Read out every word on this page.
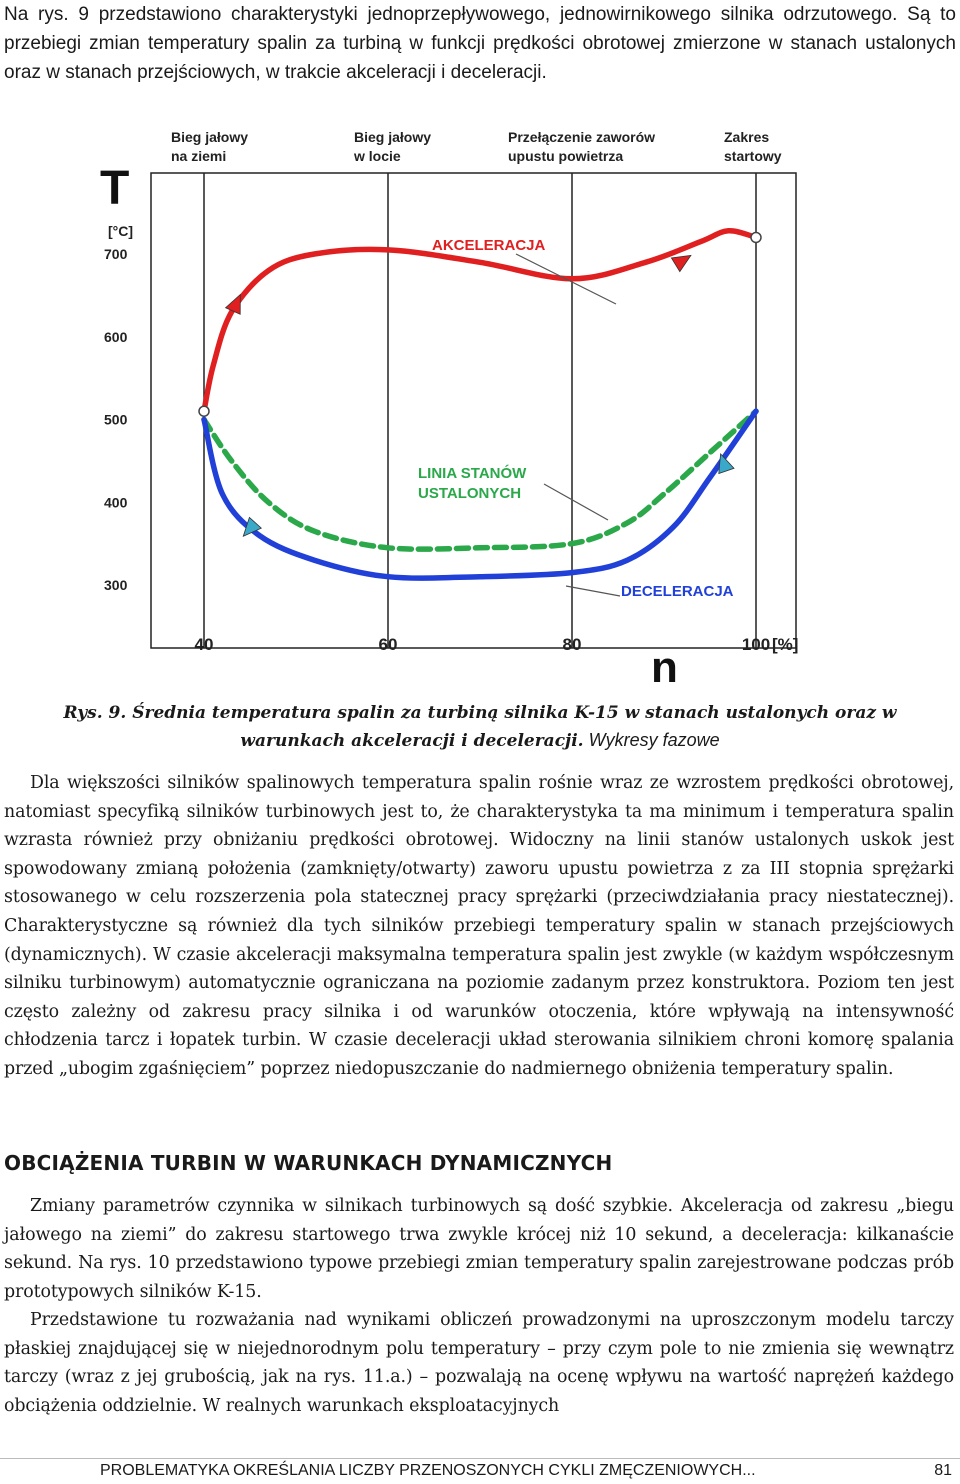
Na rys. 9 przedstawiono charakterystyki jednoprzepływowego, jednowirnikowego silnika odrzutowego. Są to przebiegi zmian temperatury spalin za turbiną w funkcji prędkości obrotowej zmierzone w stanach ustalonych oraz w stanach przejściowych, w trakcie akceleracji i deceleracji.

Bieg jałowy
na ziemi
Bieg jałowy
w locie
Przełączenie zaworów
upustu powietrza
Zakres
startowy
300
400
500
600
700
40	60	80	100
AKCELERACJA
LINIA STANÓW
USTALONYCH
DECELERACJA
T
[°C]
n	[%]

Rys. 9. Średnia temperatura spalin za turbiną silnika K-15 w stanach ustalonych oraz w warunkach akceleracji i deceleracji. Wykresy fazowe

Dla większości silników spalinowych temperatura spalin rośnie wraz ze wzrostem prędkości obrotowej, natomiast specyfiką silników turbinowych jest to, że charakterystyka ta ma minimum i temperatura spalin wzrasta również przy obniżaniu prędkości obrotowej. Widoczny na linii stanów ustalonych uskok jest spowodowany zmianą położenia (zamknięty/otwarty) zaworu upustu powietrza z za III stopnia sprężarki stosowanego w celu rozszerzenia pola statecznej pracy sprężarki (przeciwdziałania pracy niestatecznej). Charakterystyczne są również dla tych silników przebiegi temperatury spalin w stanach przejściowych (dynamicznych). W czasie akceleracji maksymalna temperatura spalin jest zwykle (w każdym współczesnym silniku turbinowym) automatycznie ograniczana na poziomie zadanym przez konstruktora. Poziom ten jest często zależny od zakresu pracy silnika i od warunków otoczenia, które wpływają na intensywność chłodzenia tarcz i łopatek turbin. W czasie deceleracji układ sterowania silnikiem chroni komorę spalania przed „ubogim zgaśnięciem” poprzez niedopuszczanie do nadmiernego obniżenia temperatury spalin.

OBCIĄŻENIA TURBIN W WARUNKACH DYNAMICZNYCH

Zmiany parametrów czynnika w silnikach turbinowych są dość szybkie. Akceleracja od zakresu „biegu jałowego na ziemi” do zakresu startowego trwa zwykle krócej niż 10 sekund, a deceleracja: kilkanaście sekund. Na rys. 10 przedstawiono typowe przebiegi zmian temperatury spalin zarejestrowane podczas prób prototypowych silników K-15.

Przedstawione tu rozważania nad wynikami obliczeń prowadzonymi na uproszczonym modelu tarczy płaskiej znajdującej się w niejednorodnym polu temperatury – przy czym pole to nie zmienia się wewnątrz tarczy (wraz z jej grubością, jak na rys. 11.a.) – pozwalają na ocenę wpływu na wartość naprężeń każdego obciążenia oddzielnie. W realnych warunkach eksploatacyjnych

PROBLEMATYKA OKREŚLANIA LICZBY PRZENOSZONYCH CYKLI ZMĘCZENIOWYCH...	81
